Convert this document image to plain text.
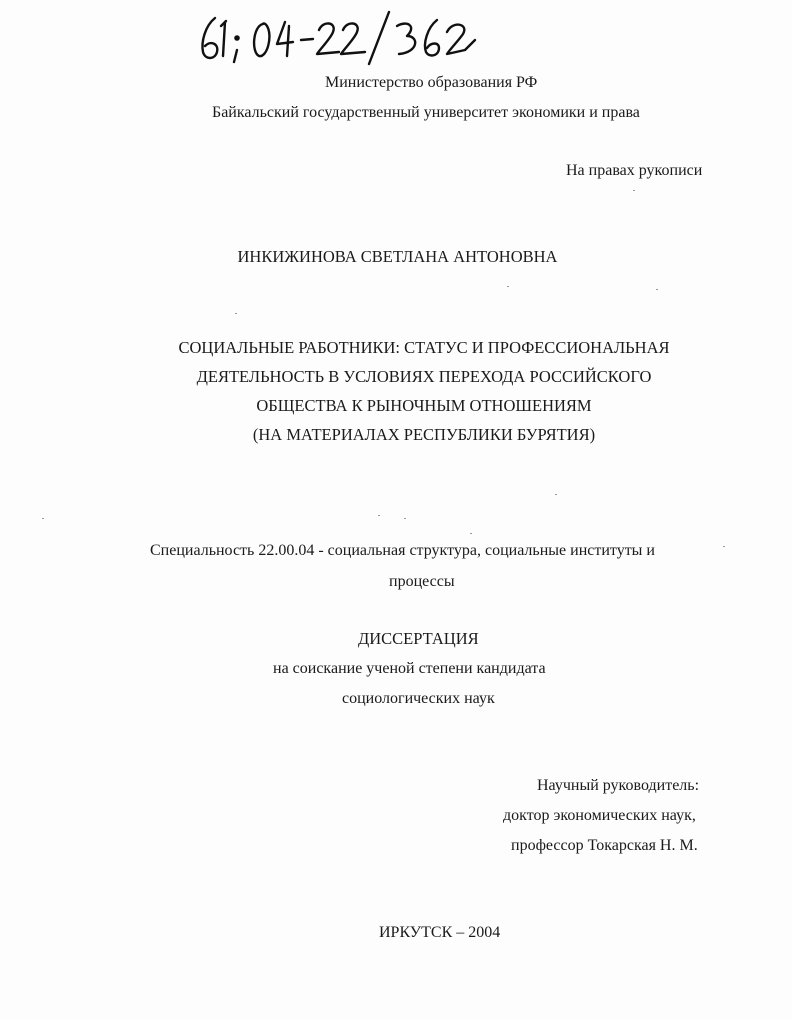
Министерство образования РФ
Байкальский государственный университет экономики и права
На правах рукописи
ИНКИЖИНОВА СВЕТЛАНА АНТОНОВНА
СОЦИАЛЬНЫЕ РАБОТНИКИ: СТАТУС И ПРОФЕССИОНАЛЬНАЯ
ДЕЯТЕЛЬНОСТЬ В УСЛОВИЯХ ПЕРЕХОДА РОССИЙСКОГО
ОБЩЕСТВА К РЫНОЧНЫМ ОТНОШЕНИЯМ
(НА МАТЕРИАЛАХ РЕСПУБЛИКИ БУРЯТИЯ)
Специальность 22.00.04 - социальная структура, социальные институты и
процессы
ДИССЕРТАЦИЯ
на соискание ученой степени кандидата
социологических наук
Научный руководитель:
доктор экономических наук,
профессор Токарская Н. М.
ИРКУТСК – 2004
